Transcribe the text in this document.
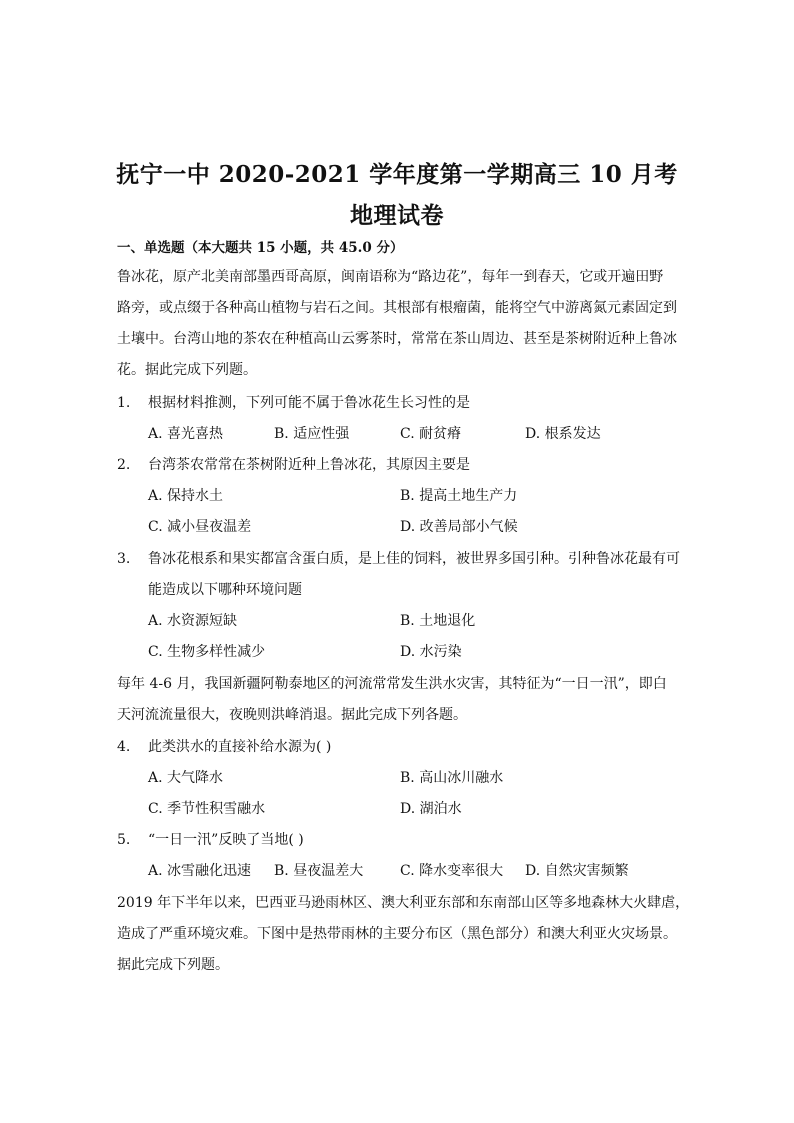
抚宁一中 2020-2021 学年度第一学期高三 10 月考
地理试卷
一、单选题（本大题共 15 小题，共 45.0 分）
鲁冰花，原产北美南部墨西哥高原，闽南语称为“路边花”，每年一到春天，它或开遍田野
路旁，或点缀于各种高山植物与岩石之间。其根部有根瘤菌，能将空气中游离氮元素固定到
土壤中。台湾山地的茶农在种植高山云雾茶时，常常在茶山周边、甚至是茶树附近种上鲁冰
花。据此完成下列题。
1. 根据材料推测，下列可能不属于鲁冰花生长习性的是
A. 喜光喜热	B. 适应性强	C. 耐贫瘠	D. 根系发达
2. 台湾茶农常常在茶树附近种上鲁冰花，其原因主要是
A. 保持水土	B. 提高土地生产力
C. 减小昼夜温差	D. 改善局部小气候
3. 鲁冰花根系和果实都富含蛋白质，是上佳的饲料，被世界多国引种。引种鲁冰花最有可
能造成以下哪种环境问题
A. 水资源短缺	B. 土地退化
C. 生物多样性减少	D. 水污染
每年 4-6 月，我国新疆阿勒泰地区的河流常常发生洪水灾害，其特征为“一日一汛”，即白
天河流流量很大，夜晚则洪峰消退。据此完成下列各题。
4. 此类洪水的直接补给水源为( )
A. 大气降水	B. 高山冰川融水
C. 季节性积雪融水	D. 湖泊水
5. “一日一汛”反映了当地( )
A. 冰雪融化迅速 B. 昼夜温差大	C. 降水变率很大 D. 自然灾害频繁
2019 年下半年以来，巴西亚马逊雨林区、澳大利亚东部和东南部山区等多地森林大火肆虐，
造成了严重环境灾难。下图中是热带雨林的主要分布区（黑色部分）和澳大利亚火灾场景。
据此完成下列题。
